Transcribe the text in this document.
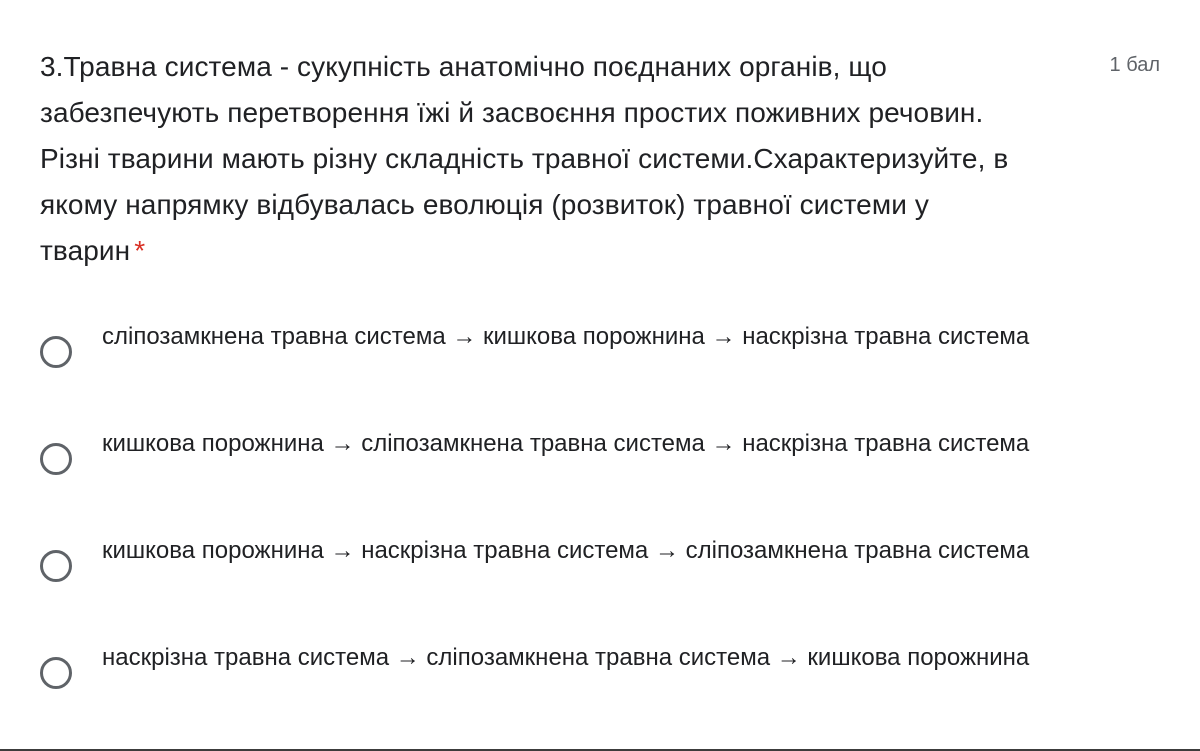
3.Травна система - сукупність анатомічно поєднаних органів, що забезпечують перетворення їжі й засвоєння простих поживних речовин. Різні тварини мають різну складність травної системи.Схарактеризуйте, в якому напрямку відбувалась еволюція (розвиток) травної системи у тварин *
1 бал
сліпозамкнена травна система → кишкова порожнина → наскрізна травна система
кишкова порожнина → сліпозамкнена травна система → наскрізна травна система
кишкова порожнина → наскрізна травна система → сліпозамкнена травна система
наскрізна травна система → сліпозамкнена травна система → кишкова порожнина
